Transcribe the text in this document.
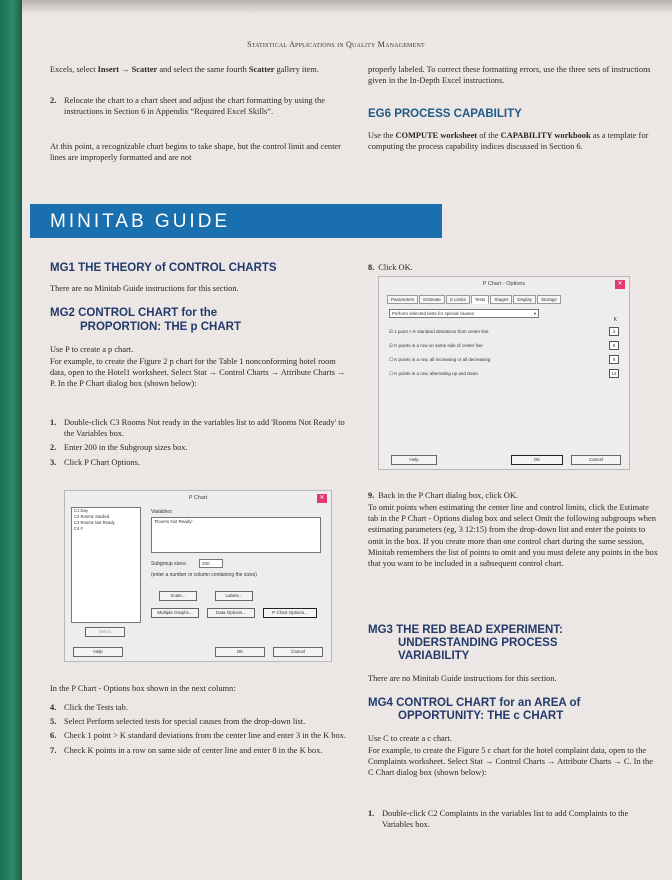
Statistical Applications in Quality Management
Excels, select Insert → Scatter and select the same fourth Scatter gallery item.
2. Relocate the chart to a chart sheet and adjust the chart formatting by using the instructions in Section 6 in Appendix “Required Excel Skills”.
At this point, a recognizable chart begins to take shape, but the control limit and center lines are improperly formatted and are not
properly labeled. To correct these formatting errors, use the three sets of instructions given in the In-Depth Excel instructions.
EG6 PROCESS CAPABILITY
Use the COMPUTE worksheet of the CAPABILITY workbook as a template for computing the process capability indices discussed in Section 6.
MINITAB GUIDE
MG1 THE THEORY of CONTROL CHARTS
There are no Minitab Guide instructions for this section.
MG2 CONTROL CHART for the
PROPORTION: THE p CHART
Use P to create a p chart.
For example, to create the Figure 2 p chart for the Table 1 nonconforming hotel room data, open to the Hotel1 worksheet. Select Stat → Control Charts → Attribute Charts → P. In the P Chart dialog box (shown below):
1. Double-click C3 Rooms Not ready in the variables list to add 'Rooms Not Ready' to the Variables box.
2. Enter 200 in the Subgroup sizes box.
3. Click P Chart Options.
P Chart	✕
C1 Day
C2 Rooms Studied
C3 Rooms Not Ready
C4 #
Variables:
'Rooms Not Ready'
Subgroup sizes:	200
(enter a number or column containing the sizes)
Scale...	Labels...
Multiple Graphs...	Data Options...	P Chart Options...
Select
Help	OK	Cancel
In the P Chart - Options box shown in the next column:
4. Click the Tests tab.
5. Select Perform selected tests for special causes from the drop-down list.
6. Check 1 point > K standard deviations from the center line and enter 3 in the K box.
7. Check K points in a row on same side of center line and enter 8 in the K box.
8. Click OK.
P Chart - Options	✕
Parameters Estimate S Limits Tests Stages Display Storage
Perform selected tests for special causes	▾
K
☑ 1 point > K standard deviations from center line	3
☑ K points in a row on same side of center line	8
☐ K points in a row, all increasing or all decreasing	6
☐ K points in a row, alternating up and down	14
Help	OK	Cancel
9. Back in the P Chart dialog box, click OK.
To omit points when estimating the center line and control limits, click the Estimate tab in the P Chart - Options dialog box and select Omit the following subgroups when estimating parameters (eg, 3 12:15) from the drop-down list and enter the points to omit in the box. If you create more than one control chart during the same session, Minitab remembers the list of points to omit and you must delete any points in the box that you want to be included in a subsequent control chart.
MG3 THE RED BEAD EXPERIMENT:
UNDERSTANDING PROCESS
VARIABILITY
There are no Minitab Guide instructions for this section.
MG4 CONTROL CHART for an AREA of
OPPORTUNITY: THE c CHART
Use C to create a c chart.
For example, to create the Figure 5 c chart for the hotel complaint data, open to the Complaints worksheet. Select Stat → Control Charts → Attribute Charts → C. In the C Chart dialog box (shown below):
1. Double-click C2 Complaints in the variables list to add Complaints to the Variables box.
